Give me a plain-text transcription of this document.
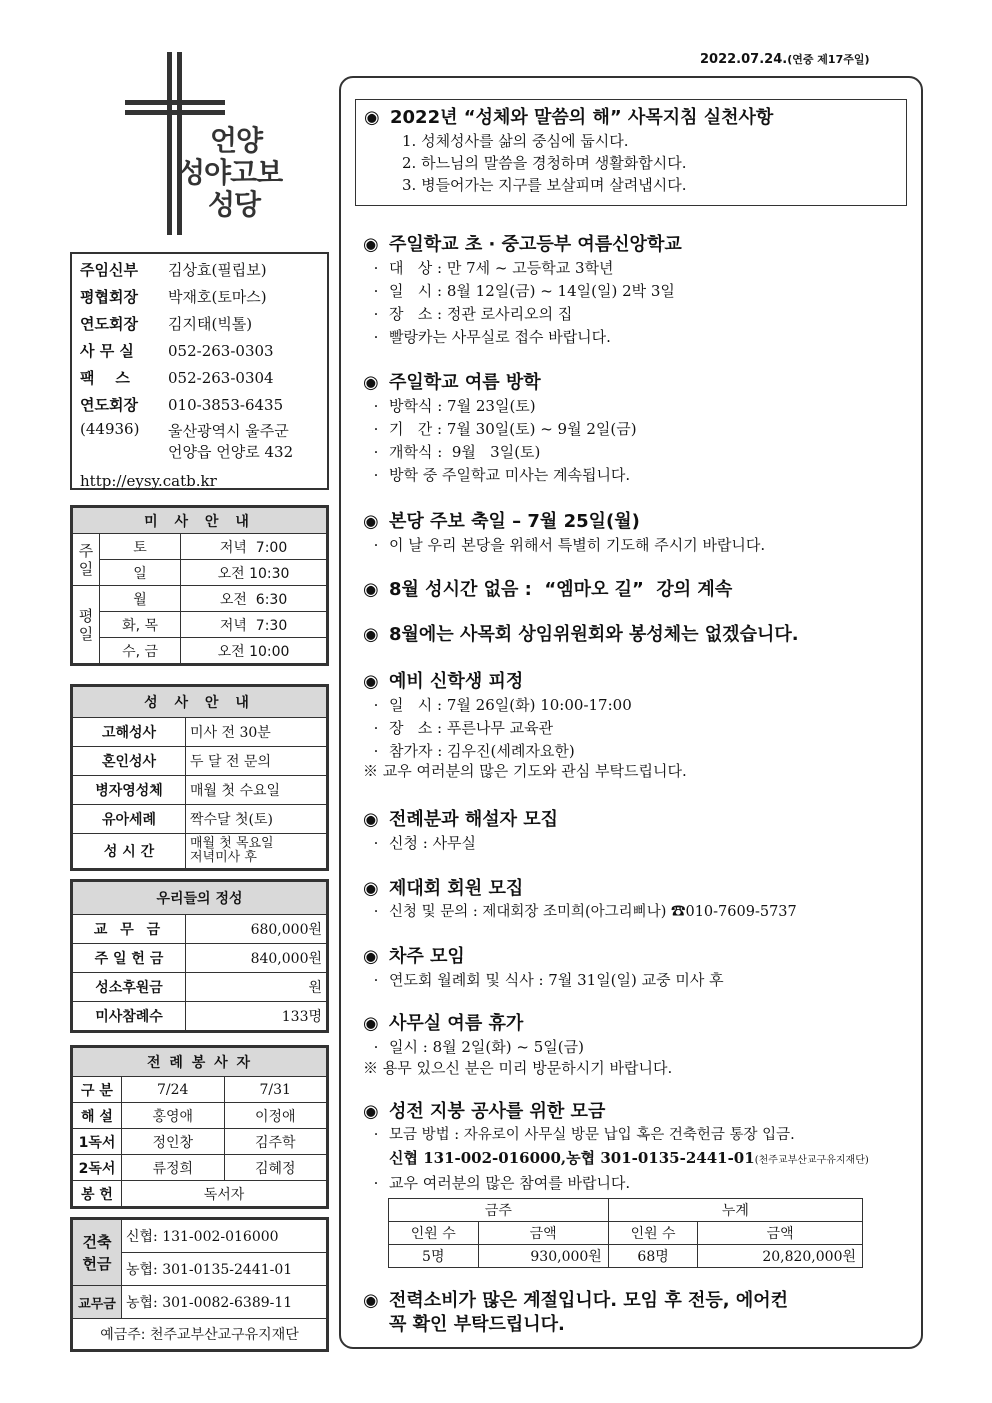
2022.07.24.(연중 제17주일)
언양
성야고보
성당
주임신부	김상효(필립보)
평협회장	박재호(토마스)
연도회장	김지태(빅톨)
사 무 실	052-263-0303
팩    스	052-263-0304
연도회장	010-3853-6435
(44936)	울산광역시 울주군
언양읍 언양로 432
http://eysy.catb.kr
미 사 안 내		
주일	토	저녁  7:00
	일	오전 10:30
평일	월	오전  6:30
	화, 목	저녁  7:30
	수, 금	오전 10:00
성 사 안 내	
고해성사	미사 전 30분
혼인성사	두 달 전 문의
병자영성체	매월 첫 수요일
유아세례	짝수달 첫(토)
성 시 간	매월 첫 목요일
저녁미사 후
우리들의 정성	
교 무 금	680,000원
주 일 헌 금	840,000원
성소후원금	원
미사참례수	133명
전 례 봉 사 자		
구 분	7/24	7/31
해 설	홍영애	이정애
1독서	정인창	김주학
2독서	류정희	김혜정
봉 헌	독서자	
건축
헌금	신협: 131-002-016000
	농협: 301-0135-2441-01
교무금	농협: 301-0082-6389-11
예금주: 천주교부산교구유지재단	
◉ 2022년 “성체와 말씀의 해” 사목지침 실천사항
1. 성체성사를 삶의 중심에 둡시다.
2. 하느님의 말씀을 경청하며 생활화합시다.
3. 병들어가는 지구를 보살피며 살려냅시다.
◉ 주일학교 초 · 중고등부 여름신앙학교
· 대   상 : 만 7세 ~ 고등학교 3학년
· 일   시 : 8월 12일(금) ~ 14일(일) 2박 3일
· 장   소 : 정관 로사리오의 집
· 빨랑카는 사무실로 접수 바랍니다.
◉ 주일학교 여름 방학
· 방학식 : 7월 23일(토)
· 기   간 : 7월 30일(토) ~ 9월 2일(금)
· 개학식 :  9월   3일(토)
· 방학 중 주일학교 미사는 계속됩니다.
◉ 본당 주보 축일 – 7월 25일(월)
· 이 날 우리 본당을 위해서 특별히 기도해 주시기 바랍니다.
◉ 8월 성시간 없음 :  “엠마오 길”  강의 계속
◉ 8월에는 사목회 상임위원회와 봉성체는 없겠습니다.
◉ 예비 신학생 피정
· 일   시 : 7월 26일(화) 10:00-17:00
· 장   소 : 푸른나무 교육관
· 참가자 : 김우진(세례자요한)
※ 교우 여러분의 많은 기도와 관심 부탁드립니다.
◉ 전례분과 해설자 모집
· 신청 : 사무실
◉ 제대회 회원 모집
· 신청 및 문의 : 제대회장 조미희(아그리삐나) ☎010-7609-5737
◉ 차주 모임
· 연도회 월례회 및 식사 : 7월 31일(일) 교중 미사 후
◉ 사무실 여름 휴가
· 일시 : 8월 2일(화) ~ 5일(금)
※ 용무 있으신 분은 미리 방문하시기 바랍니다.
◉ 성전 지붕 공사를 위한 모금
· 모금 방법 : 자유로이 사무실 방문 납입 혹은 건축헌금 통장 입금.
신협 131-002-016000,농협 301-0135-2441-01(천주교부산교구유지재단)
· 교우 여러분의 많은 참여를 바랍니다.
금주		누계	
인원 수	금액	인원 수	금액
5명	930,000원	68명	20,820,000원
◉ 전력소비가 많은 계절입니다. 모임 후 전등, 에어컨
꼭 확인 부탁드립니다.
